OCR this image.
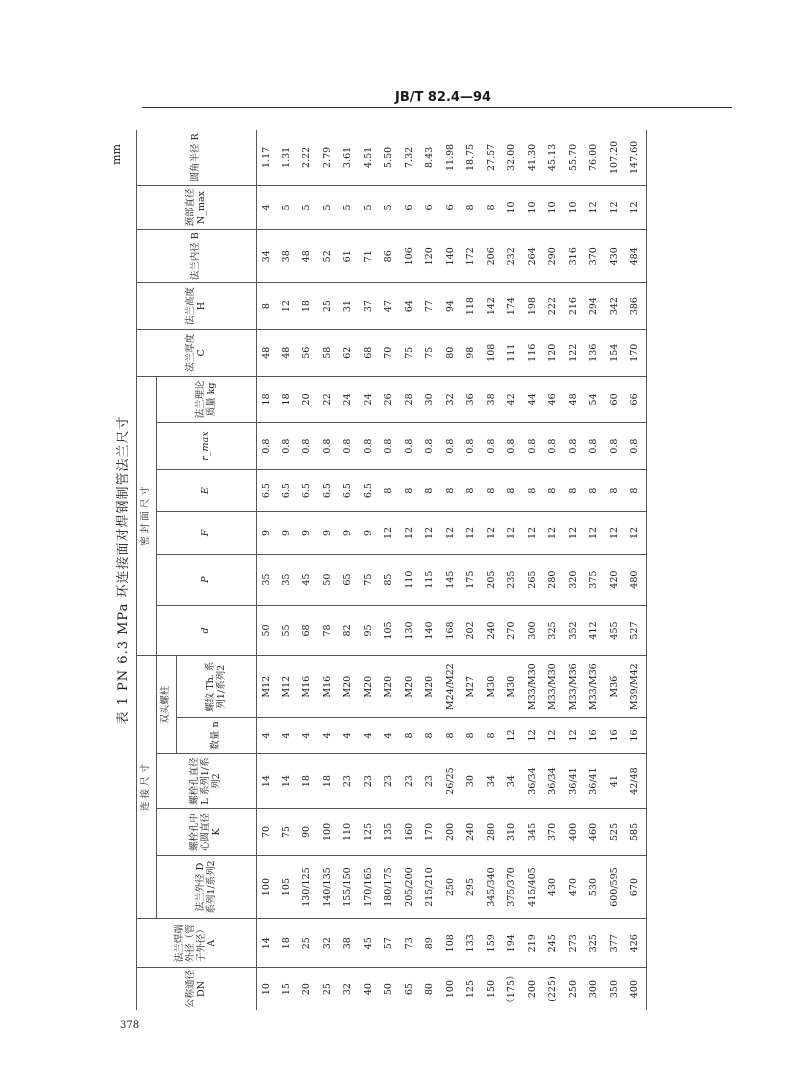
JB/T 82.4—94
mm
表 1 PN 6.3 MPa 环连接面对焊钢制管法兰尺寸
公称通径 DN	法兰焊端外径（管子外径） A	连 接 尺 寸					密 封 面 尺 寸						法兰厚度 C	法兰高度 H	法兰内径 B	颈部直径 N_max	圆角半径 R
		法兰外径 D 系列1/系列2	螺栓孔中心圆直径 K	螺栓孔直径 L 系列1/系列2	双头螺柱		d	P	F	E	r_max	法兰理论质量 kg					
					数量 n	螺纹 Th. 系列1/系列2											
10	14	100	70	14	4	M12	50	35	9	6.5	0.8	18	48	8	34	4	1.17
15	18	105	75	14	4	M12	55	35	9	6.5	0.8	18	48	12	38	5	1.31
20	25	130/125	90	18	4	M16	68	45	9	6.5	0.8	20	56	18	48	5	2.22
25	32	140/135	100	18	4	M16	78	50	9	6.5	0.8	22	58	25	52	5	2.79
32	38	155/150	110	23	4	M20	82	65	9	6.5	0.8	24	62	31	61	5	3.61
40	45	170/165	125	23	4	M20	95	75	9	6.5	0.8	24	68	37	71	5	4.51
50	57	180/175	135	23	4	M20	105	85	12	8	0.8	26	70	47	86	5	5.50
65	73	205/200	160	23	8	M20	130	110	12	8	0.8	28	75	64	106	6	7.32
80	89	215/210	170	23	8	M20	140	115	12	8	0.8	30	75	77	120	6	8.43
100	108	250	200	26/25	8	M24/M22	168	145	12	8	0.8	32	80	94	140	6	11.98
125	133	295	240	30	8	M27	202	175	12	8	0.8	36	98	118	172	8	18.75
150	159	345/340	280	34	8	M30	240	205	12	8	0.8	38	108	142	206	8	27.57
（175）	194	375/370	310	34	12	M30	270	235	12	8	0.8	42	111	174	232	10	32.00
200	219	415/405	345	36/34	12	M33/M30	300	265	12	8	0.8	44	116	198	264	10	41.30
(225)	245	430	370	36/34	12	M33/M30	325	280	12	8	0.8	46	120	222	290	10	45.13
250	273	470	400	36/41	12	M33/M36	352	320	12	8	0.8	48	122	216	316	10	55.70
300	325	530	460	36/41	16	M33/M36	412	375	12	8	0.8	54	136	294	370	12	76.00
350	377	600/595	525	41	16	M36	455	420	12	8	0.8	60	154	342	430	12	107.20
400	426	670	585	42/48	16	M39/M42	527	480	12	8	0.8	66	170	386	484	12	147.60
378
